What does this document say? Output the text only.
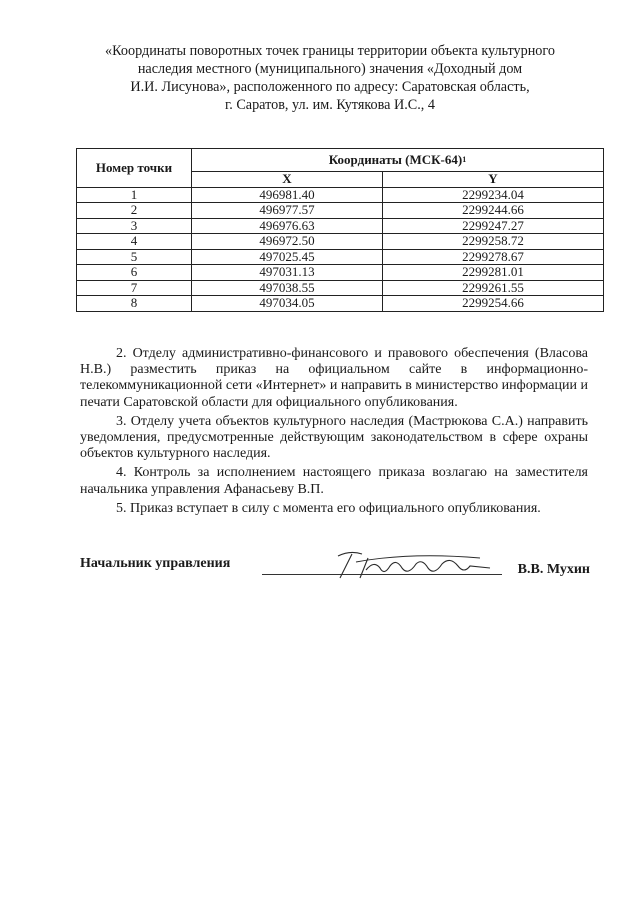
«Координаты поворотных точек границы территории объекта культурного
наследия местного (муниципального) значения «Доходный дом
И.И. Лисунова», расположенного по адресу: Саратовская область,
г. Саратов, ул. им. Кутякова И.С., 4
Номер точки	Координаты $(МСК-64)^1$
	X	Y
1	496981.40	2299234.04
2	496977.57	2299244.66
3	496976.63	2299247.27
4	496972.50	2299258.72
5	497025.45	2299278.67
6	497031.13	2299281.01
7	497038.55	2299261.55
8	497034.05	2299254.66

2. Отделу административно-финансового и правового обеспечения (Власова Н.В.) разместить приказ на официальном сайте в информационно-телекоммуникационной сети «Интернет» и направить в министерство информации и печати Саратовской области для официального опубликования.

3. Отделу учета объектов культурного наследия (Мастрюкова С.А.) направить уведомления, предусмотренные действующим законодательством в сфере охраны объектов культурного наследия.

4. Контроль за исполнением настоящего приказа возлагаю на заместителя начальника управления Афанасьеву В.П.

5. Приказ вступает в силу с момента его официального опубликования.

Начальник управления	В.В. Мухин
